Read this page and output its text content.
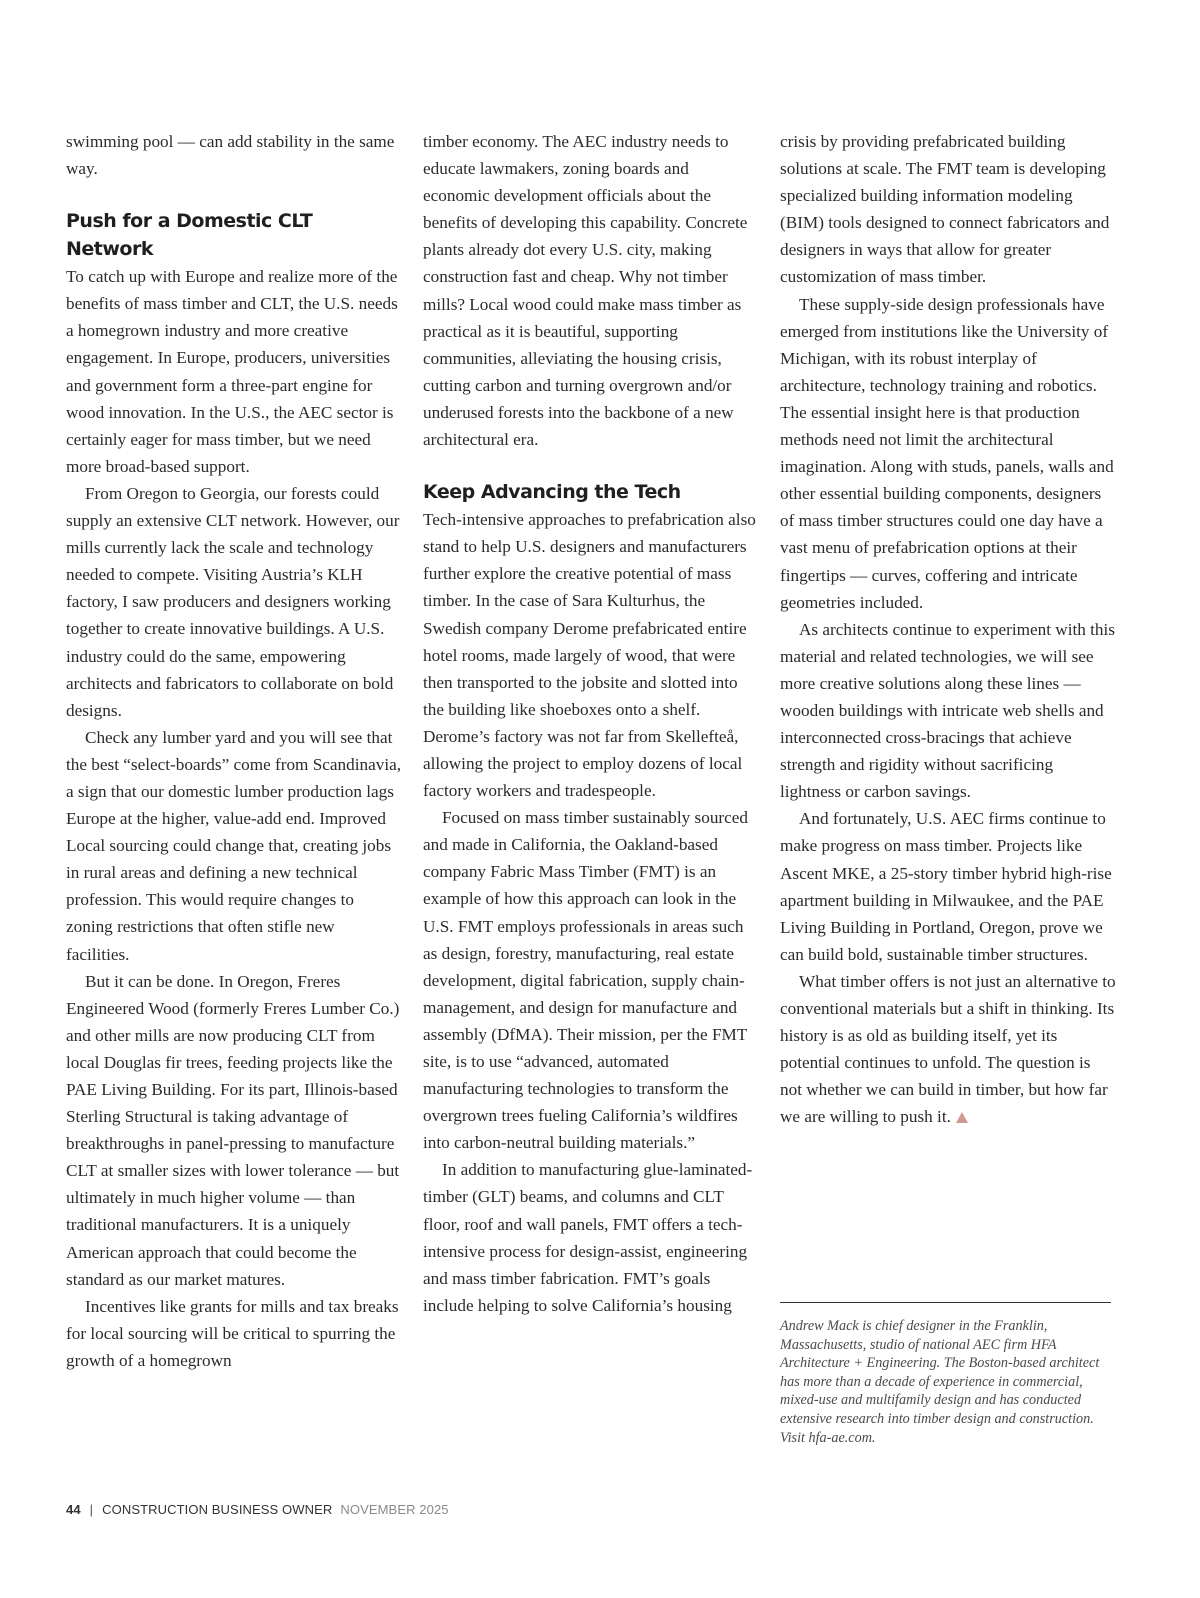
swimming pool — can add stability in the same way.

Push for a Domestic CLT Network

To catch up with Europe and realize more of the benefits of mass timber and CLT, the U.S. needs a homegrown industry and more creative engagement. In Europe, producers, universities and government form a three-part engine for wood innovation. In the U.S., the AEC sector is certainly eager for mass timber, but we need more broad-based support.

From Oregon to Georgia, our forests could supply an extensive CLT network. However, our mills currently lack the scale and technology needed to compete. Visiting Austria’s KLH factory, I saw producers and designers working together to create innovative buildings. A U.S. industry could do the same, empowering architects and fabricators to collaborate on bold designs.

Check any lumber yard and you will see that the best “select-boards” come from Scandinavia, a sign that our domestic lumber production lags Europe at the higher, value-add end. Improved Local sourcing could change that, creating jobs in rural areas and defining a new technical profession. This would require changes to zoning restrictions that often stifle new facilities.

But it can be done. In Oregon, Freres Engineered Wood (formerly Freres Lumber Co.) and other mills are now producing CLT from local Douglas fir trees, feeding projects like the PAE Living Building. For its part, Illinois-based Sterling Structural is taking advantage of breakthroughs in panel-pressing to manufacture CLT at smaller sizes with lower tolerance — but ultimately in much higher volume — than traditional manufacturers. It is a uniquely American approach that could become the standard as our market matures.

Incentives like grants for mills and tax breaks for local sourcing will be critical to spurring the growth of a homegrown

timber economy. The AEC industry needs to educate lawmakers, zoning boards and economic development officials about the benefits of developing this capability. Concrete plants already dot every U.S. city, making construction fast and cheap. Why not timber mills? Local wood could make mass timber as practical as it is beautiful, supporting communities, alleviating the housing crisis, cutting carbon and turning overgrown and/or underused forests into the backbone of a new architectural era.

Keep Advancing the Tech

Tech-intensive approaches to prefabrication also stand to help U.S. designers and manufacturers further explore the creative potential of mass timber. In the case of Sara Kulturhus, the Swedish company Derome prefabricated entire hotel rooms, made largely of wood, that were then transported to the jobsite and slotted into the building like shoeboxes onto a shelf. Derome’s factory was not far from Skellefteå, allowing the project to employ dozens of local factory workers and tradespeople.

Focused on mass timber sustainably sourced and made in California, the Oakland-based company Fabric Mass Timber (FMT) is an example of how this approach can look in the U.S. FMT employs professionals in areas such as design, forestry, manufacturing, real estate development, digital fabrication, supply chain-management, and design for manufacture and assembly (DfMA). Their mission, per the FMT site, is to use “advanced, automated manufacturing technologies to transform the overgrown trees fueling California’s wildfires into carbon-neutral building materials.”

In addition to manufacturing glue-laminated-timber (GLT) beams, and columns and CLT floor, roof and wall panels, FMT offers a tech-intensive process for design-assist, engineering and mass timber fabrication. FMT’s goals include helping to solve California’s housing

crisis by providing prefabricated building solutions at scale. The FMT team is developing specialized building information modeling (BIM) tools designed to connect fabricators and designers in ways that allow for greater customization of mass timber.

These supply-side design professionals have emerged from institutions like the University of Michigan, with its robust interplay of architecture, technology training and robotics. The essential insight here is that production methods need not limit the architectural imagination. Along with studs, panels, walls and other essential building components, designers of mass timber structures could one day have a vast menu of prefabrication options at their fingertips — curves, coffering and intricate geometries included.

As architects continue to experiment with this material and related technologies, we will see more creative solutions along these lines — wooden buildings with intricate web shells and interconnected cross-bracings that achieve strength and rigidity without sacrificing lightness or carbon savings.

And fortunately, U.S. AEC firms continue to make progress on mass timber. Projects like Ascent MKE, a 25-story timber hybrid high-rise apartment building in Milwaukee, and the PAE Living Building in Portland, Oregon, prove we can build bold, sustainable timber structures.

What timber offers is not just an alternative to conventional materials but a shift in thinking. Its history is as old as building itself, yet its potential continues to unfold. The question is not whether we can build in timber, but how far we are willing to push it.

Andrew Mack is chief designer in the Franklin, Massachusetts, studio of national AEC firm HFA Architecture + Engineering. The Boston-based architect has more than a decade of experience in commercial, mixed-use and multifamily design and has conducted extensive research into timber design and construction. Visit hfa-ae.com.
44 | CONSTRUCTION BUSINESS OWNER NOVEMBER 2025
